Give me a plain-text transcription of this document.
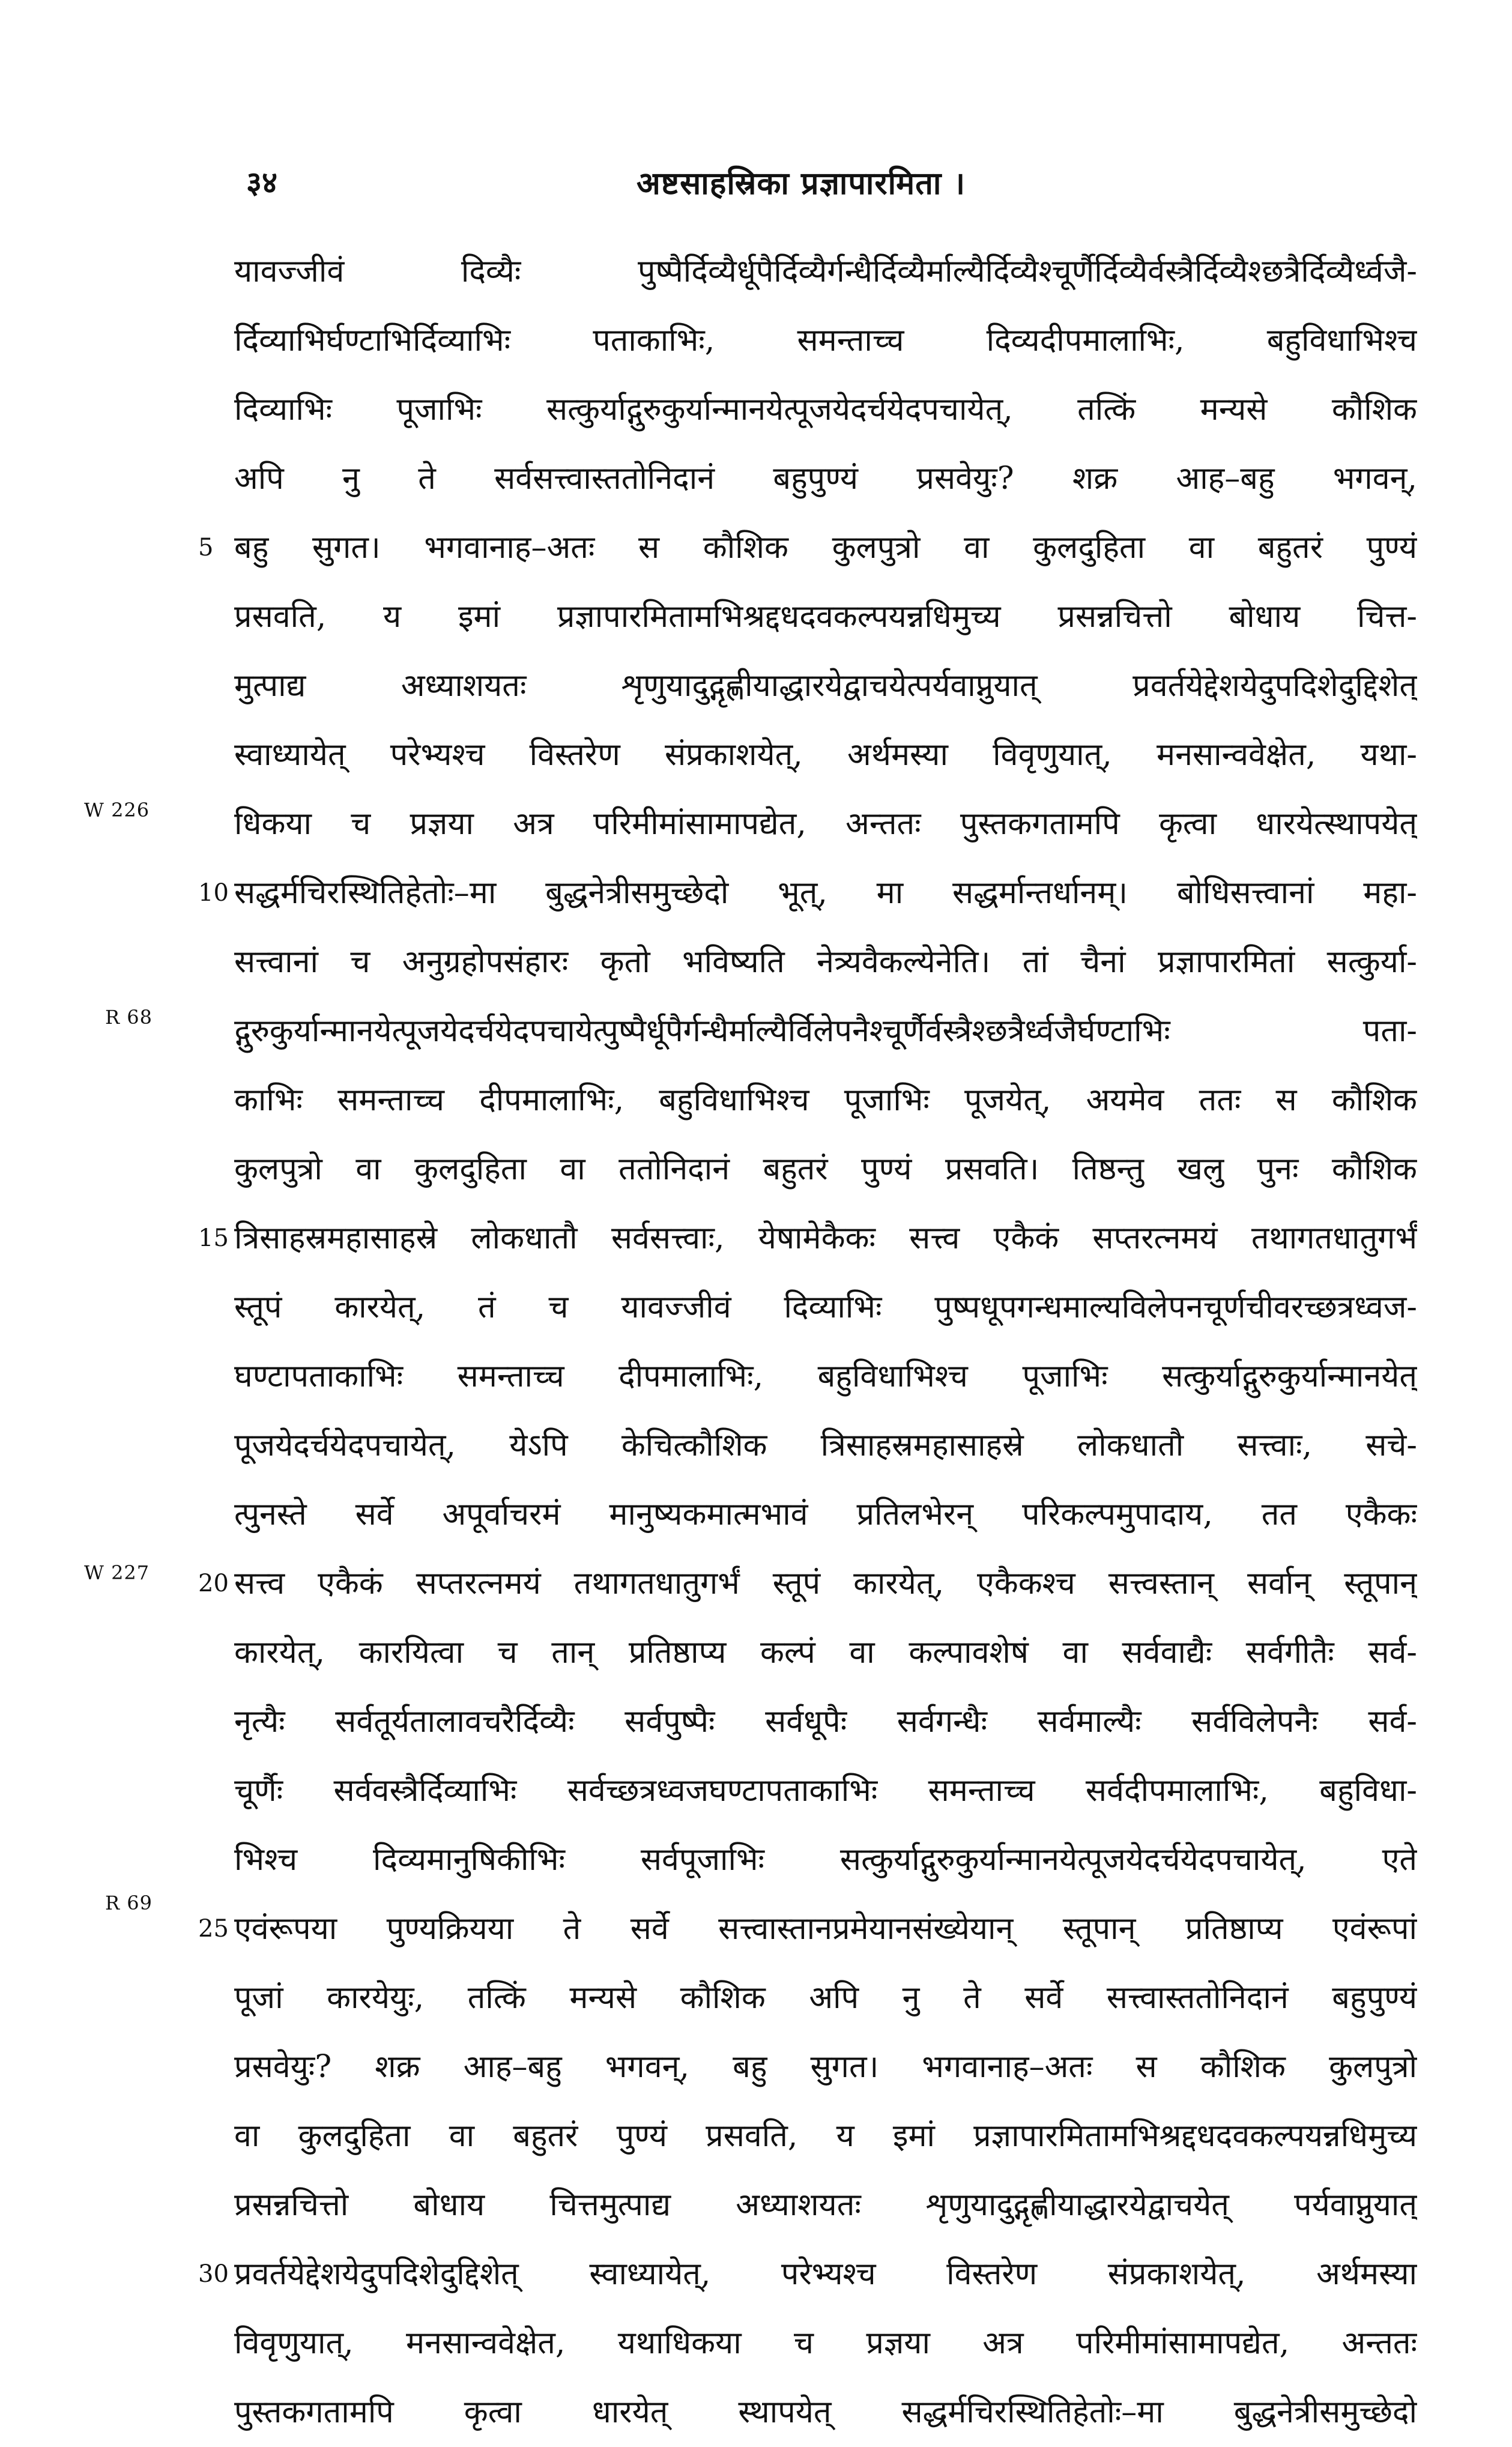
३४	अष्टसाहस्रिका प्रज्ञापारमिता ।
W 226
R 68
W 227
R 69
यावज्जीवं दिव्यैः पुष्पैर्दिव्यैर्धूपैर्दिव्यैर्गन्धैर्दिव्यैर्माल्यैर्दिव्यैश्चूर्णैर्दिव्यैर्वस्त्रैर्दिव्यैश्छत्रैर्दिव्यैर्ध्वजै-
र्दिव्याभिर्घण्टाभिर्दिव्याभिः पताकाभिः, समन्ताच्च दिव्यदीपमालाभिः, बहुविधाभिश्च
दिव्याभिः पूजाभिः सत्कुर्याद्गुरुकुर्यान्मानयेत्पूजयेदर्चयेदपचायेत्, तत्किं मन्यसे कौशिक
अपि नु ते सर्वसत्त्वास्ततोनिदानं बहुपुण्यं प्रसवेयुः? शक्र आह–बहु भगवन्,
5 बहु सुगत। भगवानाह–अतः स कौशिक कुलपुत्रो वा कुलदुहिता वा बहुतरं पुण्यं
प्रसवति, य इमां प्रज्ञापारमितामभिश्रद्दधदवकल्पयन्नधिमुच्य प्रसन्नचित्तो बोधाय चित्त-
मुत्पाद्य अध्याशयतः शृणुयादुद्गृह्णीयाद्धारयेद्वाचयेत्पर्यवाप्नुयात् प्रवर्तयेद्देशयेदुपदिशेदुद्दिशेत्
स्वाध्यायेत् परेभ्यश्च विस्तरेण संप्रकाशयेत्, अर्थमस्या विवृणुयात्, मनसान्ववेक्षेत, यथा-
धिकया च प्रज्ञया अत्र परिमीमांसामापद्येत, अन्ततः पुस्तकगतामपि कृत्वा धारयेत्स्थापयेत्
10 सद्धर्मचिरस्थितिहेतोः–मा बुद्धनेत्रीसमुच्छेदो भूत्, मा सद्धर्मान्तर्धानम्। बोधिसत्त्वानां महा-
सत्त्वानां च अनुग्रहोपसंहारः कृतो भविष्यति नेत्र्यवैकल्येनेति। तां चैनां प्रज्ञापारमितां सत्कुर्या-
द्गुरुकुर्यान्मानयेत्पूजयेदर्चयेदपचायेत्पुष्पैर्धूपैर्गन्धैर्माल्यैर्विलेपनैश्चूर्णैर्वस्त्रैश्छत्रैर्ध्वजैर्घण्टाभिः पता-
काभिः समन्ताच्च दीपमालाभिः, बहुविधाभिश्च पूजाभिः पूजयेत्, अयमेव ततः स कौशिक
कुलपुत्रो वा कुलदुहिता वा ततोनिदानं बहुतरं पुण्यं प्रसवति। तिष्ठन्तु खलु पुनः कौशिक
15 त्रिसाहस्रमहासाहस्रे लोकधातौ सर्वसत्त्वाः, येषामेकैकः सत्त्व एकैकं सप्तरत्नमयं तथागतधातुगर्भं
स्तूपं कारयेत्, तं च यावज्जीवं दिव्याभिः पुष्पधूपगन्धमाल्यविलेपनचूर्णचीवरच्छत्रध्वज-
घण्टापताकाभिः समन्ताच्च दीपमालाभिः, बहुविधाभिश्च पूजाभिः सत्कुर्याद्गुरुकुर्यान्मानयेत्
पूजयेदर्चयेदपचायेत्, येऽपि केचित्कौशिक त्रिसाहस्रमहासाहस्रे लोकधातौ सत्त्वाः, सचे-
त्पुनस्ते सर्वे अपूर्वाचरमं मानुष्यकमात्मभावं प्रतिलभेरन् परिकल्पमुपादाय, तत एकैकः
20 सत्त्व एकैकं सप्तरत्नमयं तथागतधातुगर्भं स्तूपं कारयेत्, एकैकश्च सत्त्वस्तान् सर्वान् स्तूपान्
कारयेत्, कारयित्वा च तान् प्रतिष्ठाप्य कल्पं वा कल्पावशेषं वा सर्ववाद्यैः सर्वगीतैः सर्व-
नृत्यैः सर्वतूर्यतालावचरैर्दिव्यैः सर्वपुष्पैः सर्वधूपैः सर्वगन्धैः सर्वमाल्यैः सर्वविलेपनैः सर्व-
चूर्णैः सर्ववस्त्रैर्दिव्याभिः सर्वच्छत्रध्वजघण्टापताकाभिः समन्ताच्च सर्वदीपमालाभिः, बहुविधा-
भिश्च दिव्यमानुषिकीभिः सर्वपूजाभिः सत्कुर्याद्गुरुकुर्यान्मानयेत्पूजयेदर्चयेदपचायेत्, एते
25 एवंरूपया पुण्यक्रियया ते सर्वे सत्त्वास्तानप्रमेयानसंख्येयान् स्तूपान् प्रतिष्ठाप्य एवंरूपां
पूजां कारयेयुः, तत्किं मन्यसे कौशिक अपि नु ते सर्वे सत्त्वास्ततोनिदानं बहुपुण्यं
प्रसवेयुः? शक्र आह–बहु भगवन्, बहु सुगत। भगवानाह–अतः स कौशिक कुलपुत्रो
वा कुलदुहिता वा बहुतरं पुण्यं प्रसवति, य इमां प्रज्ञापारमितामभिश्रद्दधदवकल्पयन्नधिमुच्य
प्रसन्नचित्तो बोधाय चित्तमुत्पाद्य अध्याशयतः शृणुयादुद्गृह्णीयाद्धारयेद्वाचयेत् पर्यवाप्नुयात्
30 प्रवर्तयेद्देशयेदुपदिशेदुद्दिशेत् स्वाध्यायेत्, परेभ्यश्च विस्तरेण संप्रकाशयेत्, अर्थमस्या
विवृणुयात्, मनसान्ववेक्षेत, यथाधिकया च प्रज्ञया अत्र परिमीमांसामापद्येत, अन्ततः
पुस्तकगतामपि कृत्वा धारयेत् स्थापयेत् सद्धर्मचिरस्थितिहेतोः–मा बुद्धनेत्रीसमुच्छेदो
